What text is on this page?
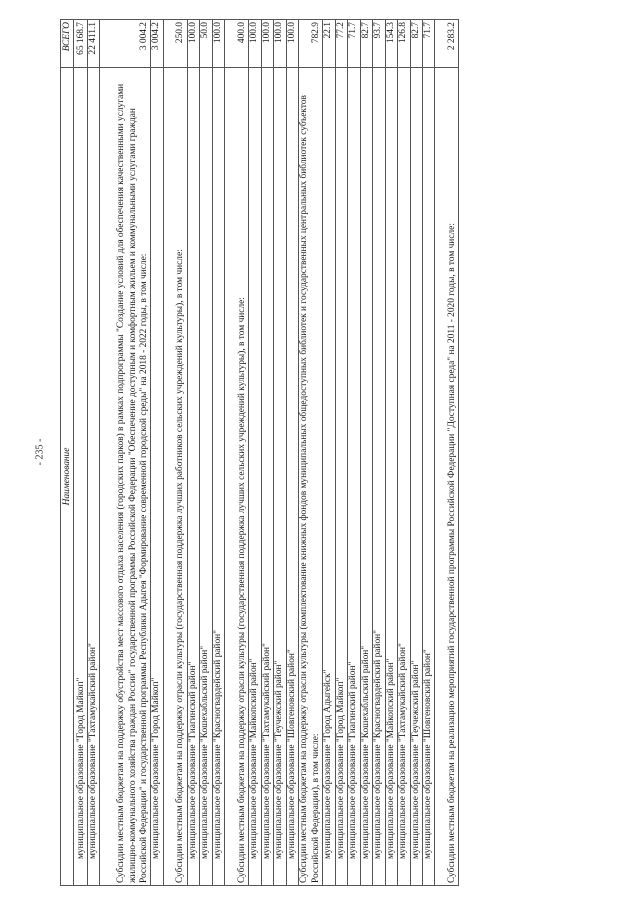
- 235 - Наименование	ВСЕГО
муниципальное образование "Город Майкоп"	65 168.7
муниципальное образование "Тахтамукайский район"	22 411.1
Субсидии местным бюджетам на поддержку обустройства мест массового отдыха населения (городских парков) в рамках подпрограммы "Создание условий для обеспечения качественными услугами жилищно-коммунального хозяйства граждан России" государственной программы Российской Федерации "Обеспечение доступным и комфортным жильем и коммунальными услугами граждан Российской Федерации" и государственной программы Республики Адыгея "Формирование современной городской среды" на 2018 - 2022 годы, в том числе:	3 004.2
муниципальное образование "Город Майкоп"	3 004.2
Субсидии местным бюджетам на поддержку отрасли культуры (государственная поддержка лучших работников сельских учреждений культуры), в том числе:	250.0
муниципальное образование "Гиагинский район"	100.0
муниципальное образование "Кошехабльский район"	50.0
муниципальное образование "Красногвардейский район"	100.0
Субсидии местным бюджетам на поддержку отрасли культуры (государственная поддержка лучших сельских учреждений культуры), в том числе:	400.0
муниципальное образование "Майкопский район"	100.0
муниципальное образование "Тахтамукайский район"	100.0
муниципальное образование "Теучежский район"	100.0
муниципальное образование "Шовгеновский район"	100.0
Субсидии местным бюджетам на поддержку отрасли культуры (комплектование книжных фондов муниципальных общедоступных библиотек и государственных центральных библиотек субъектов Российской Федерации), в том числе:	782.9
муниципальное образование "Город Адыгейск"	22.1
муниципальное образование "Город Майкоп"	77.2
муниципальное образование "Гиагинский район"	71.7
муниципальное образование "Кошехабльский район"	82.7
муниципальное образование "Красногвардейский район"	93.7
муниципальное образование "Майкопский район"	154.3
муниципальное образование "Тахтамукайский район"	126.8
муниципальное образование "Теучежский район"	82.7
муниципальное образование "Шовгеновский район"	71.7
Субсидии местным бюджетам на реализацию мероприятий государственной программы Российской Федерации "Доступная среда" на 2011 - 2020 годы, в том числе:	2 283.2
